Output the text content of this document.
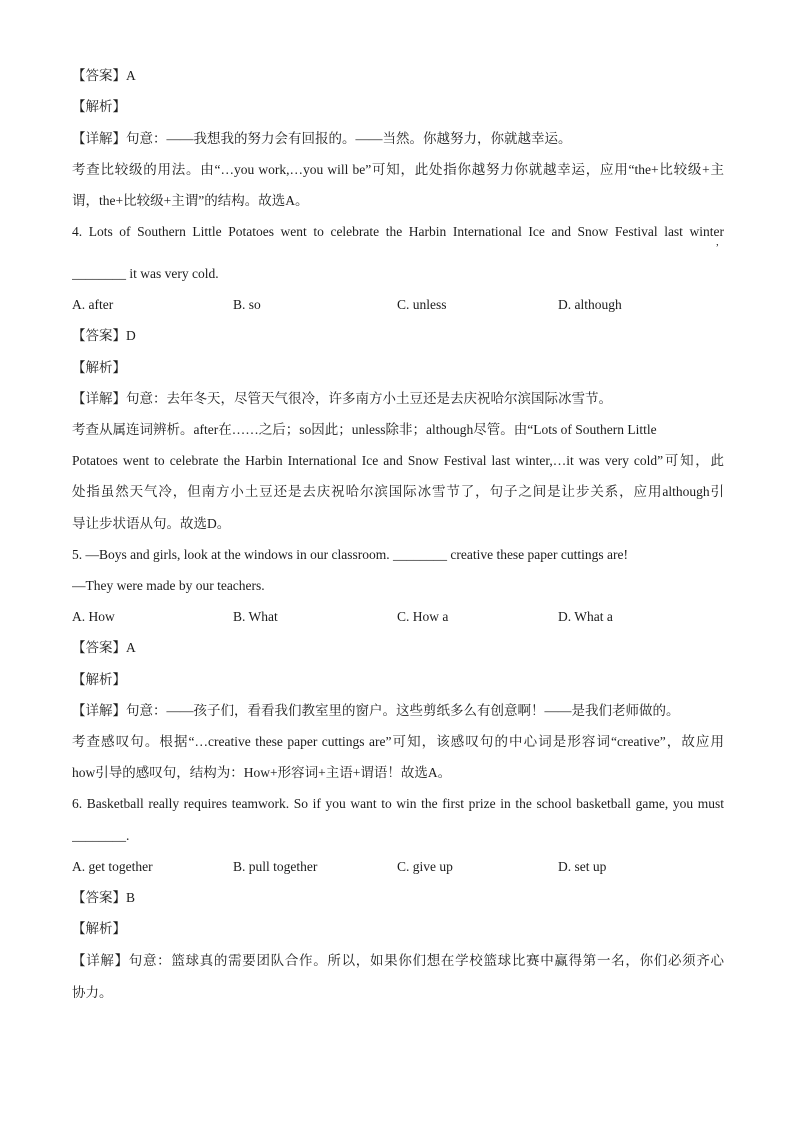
【答案】A
【解析】
【详解】句意：——我想我的努力会有回报的。——当然。你越努力，你就越幸运。
考查比较级的用法。由“…you work,…you will be”可知，此处指你越努力你就越幸运，应用“the+比较级+主
谓，the+比较级+主谓”的结构。故选A。
4. Lots of Southern Little Potatoes went to celebrate the Harbin International Ice and Snow Festival last winter
,
________ it was very cold.
A. after	B. so	C. unless	D. although
【答案】D
【解析】
【详解】句意：去年冬天，尽管天气很冷，许多南方小土豆还是去庆祝哈尔滨国际冰雪节。
考查从属连词辨析。after在……之后；so因此；unless除非；although尽管。由“Lots of Southern Little
Potatoes went to celebrate the Harbin International Ice and Snow Festival last winter,…it was very cold”可知，此
处指虽然天气冷，但南方小土豆还是去庆祝哈尔滨国际冰雪节了，句子之间是让步关系，应用although引
导让步状语从句。故选D。
5. —Boys and girls, look at the windows in our classroom. ________ creative these paper cuttings are!
—They were made by our teachers.
A. How	B. What	C. How a	D. What a
【答案】A
【解析】
【详解】句意：——孩子们，看看我们教室里的窗户。这些剪纸多么有创意啊！——是我们老师做的。
考查感叹句。根据“…creative these paper cuttings are”可知，该感叹句的中心词是形容词“creative”，故应用
how引导的感叹句，结构为：How+形容词+主语+谓语！故选A。
6. Basketball really requires teamwork. So if you want to win the first prize in the school basketball game, you must
________.
A. get together	B. pull together	C. give up	D. set up
【答案】B
【解析】
【详解】句意：篮球真的需要团队合作。所以，如果你们想在学校篮球比赛中赢得第一名，你们必须齐心
协力。
